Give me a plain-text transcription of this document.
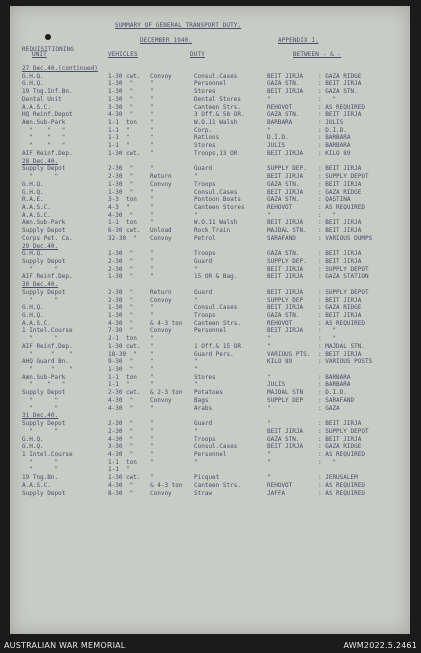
SUMMARY OF GENERAL TRANSPORT DUTY.
APPENDIX 1.
DECEMBER 1940.
REQUISITIONING
UNIT	VEHICLES	DUTY	BETWEEN - & -
27 Dec.40.(continued)
G.H.Q.	1-30 cwt. Convoy	Consul.Cases	BEIT JIRJA : GAZA RIDGE
G.H.Q.	1-30  "	"	Personnel	GAZA STN.	: BEIT JIRJA
19 Tng.Inf.Bn.	1-30  "	"	Stores	BEIT JIRJA : GAZA STN.
Dental Unit	1-30  "	"	Dental Stores	"	:   "
A.A.S.C.	3-30  "	"	Canteen Strs.	REHOVOT	: AS REQUIRED
HQ Reinf.Depot	4-30  "	"	3 Off.& 58 OR.	GAZA STN.	: BEIT JIRJA
Amn.Sub-Park	1-1  ton "	W.O.11 Walsh	BARBARA	: JULIS
"    "   "	1-1  "	"	Corp.	"	: D.I.D.
"    "   "	1-1  "	"	Rations	D.I.D.	: BARBARA
"    "   "	1-1  "	"	Stores	JULIS	: BARBARA
AIF Reinf.Dep.	1-30 cwt. "	Troops,13 OR	BEIT JIRJA : KILO 89
28 Dec.40.
Supply Depot	2-30  "	"	Guard	SUPPLY DEP. : BEIT JIRJA
"      "	2-30  "	Return	"	BEIT JIRJA : SUPPLY DEPOT
G.H.Q.	1-30  "	Convoy	Troops	GAZA STN.	: BEIT JIRJA
G.H.Q.	1-30  "	"	Consul.Cases	BEIT JIRJA : GAZA RIDGE
R.A.E.	3-3  ton "	Pontoon Boats	GAZA STN.	: QASTINA
A.A.S.C.	4-3  "	"	Canteen Stores	REHOVOT	: AS REQUIRED
A.A.S.C.	4-30  "	"	"	"	:   "
Amn.Sub-Park	1-1  ton "	W.O.11 Walsh	BEIT JIRJA : BEIT JIRJA
Supply Depot	6-30 cwt. Unload	Rock Train	MAJDAL STN. : BEIT JIRJA
Corps Pet. Ca.	32-30  " Convoy	Petrol	SARAFAND	: VARIOUS DUMPS
29 Dec.40.
G.H.Q.	1-30  "	"	Troops	GAZA STN.	: BEIT JIRJA
Supply Depot	2-30  "	"	Guard	SUPPLY DEP. : BEIT JIRJA
"      "	2-30  "	"	"	BEIT JIRJA : SUPPLY DEPOT
AIF Reinf.Dep.	1-30  "	"	15 OR & Bag.	BEIT JIRJA : GAZA STATION
30 Dec.40.
Supply Depot	2-30  "	Return	Guard	BEIT JIRJA : SUPPLY DEPOT
"      "	2-30  "	Convoy	"	SUPPLY DEP : BEIT JIRJA
G.H.Q.	1-30  "	"	Consul.Cases	BEIT JIRJA : GAZA RIDGE
G.H.Q.	1-30  "	"	Troops	GAZA STN.	: BEIT JIRJA
A.A.S.C.	4-30  "	& 4-3 ton Canteen Strs.	REHOVOT	: AS REQUIRED
1 Intel.Course	7-30  "	Convoy	Personnel	BEIT JIRJA :   "
"      "	2-1  ton "	"	:   "
AIF Reinf.Dep.	1-30 cwt. "	1 Off.& 15 OR	"	: MAJDAL STN.
"     "    "	18-30  " "	Guard Pers.	VARIOUS PTS. : BEIT JIRJA
AHQ Guard Bn.	9-30  "	"	"	KILO 89	: VARIOUS POSTS
"     "    "	1-30  "	"	"
Amn.Sub-Park	1-1  ton "	Stores	"	: BARBARA
"    "   "	1-1  "	"	"	JULIS	: BARBARA
Supply Depot	2-30 cwt. & 2-3 ton Potatoes	MAJDAL STN : D.I.D.
"      "	4-30  "	Convoy	Bags	SUPPLY DEP : SARAFAND
"      "	4-30  "	"	Arabs	"	: GAZA
31 Dec.40.
Supply Depot	2-30  "	"	Guard	"	: BEIT JIRJA
"      "	2-30  "	"	"	BEIT JIRJA : SUPPLY DEPOT
G.H.Q.	4-30  "	"	Troops	GAZA STN.	: BEIT JIRJA
G.H.Q.	3-30  "	"	Consul.Cases	BEIT JIRJA : GAZA RIDGE
1 Intel.Course	4-30  "	"	Personnel	"	: AS REQUIRED
"      "	1-1  ton "	"	"	:   "
"      "	1-1  "
19 Tng.Bn.	1-30 cwt. "	Picquet	"	: JERUSALEM
A.A.S.C.	4-30  "	& 4-3 ton Canteen Strs.	REHOVOT	: AS REQUIRED
Supply Depot	8-30  "	Convoy	Straw	JAFFA	: AS REQUIRED
AUSTRALIAN WAR MEMORIAL	AWM2022.5.2461
